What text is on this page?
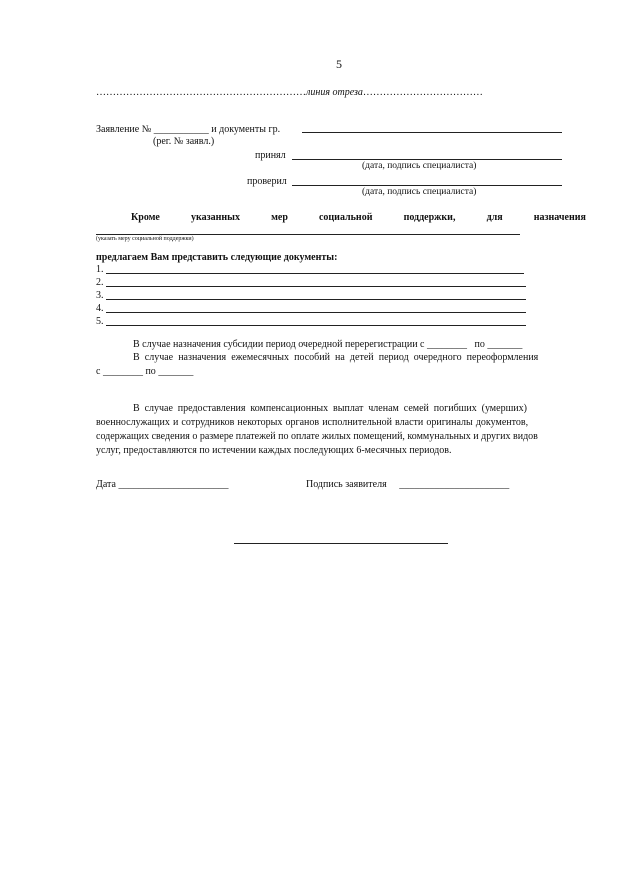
5
………………………………………………………линия отреза………………………………
Заявление № ___________ и документы гр.
(рег. № заявл.)
принял
(дата, подпись специалиста)
проверил
(дата, подпись специалиста)
Кроме	указанных	мер	социальной	поддержки,	для	назначения
(указать меру социальной поддержки)
предлагаем Вам представить следующие документы:
1.
2.
3.
4.
5.
В случае назначения субсидии период очередной перерегистрации с ________ по _______
В случае назначения ежемесячных пособий на детей период очередного переоформления
с ________ по _______
В случае предоставления компенсационных выплат членам семей погибших (умерших)
военнослужащих и сотрудников некоторых органов исполнительной власти оригиналы документов,
содержащих сведения о размере платежей по оплате жилых помещений, коммунальных и других видов
услуг, предоставляются по истечении каждых последующих 6-месячных периодов.
Дата ______________________	Подпись заявителя ______________________
